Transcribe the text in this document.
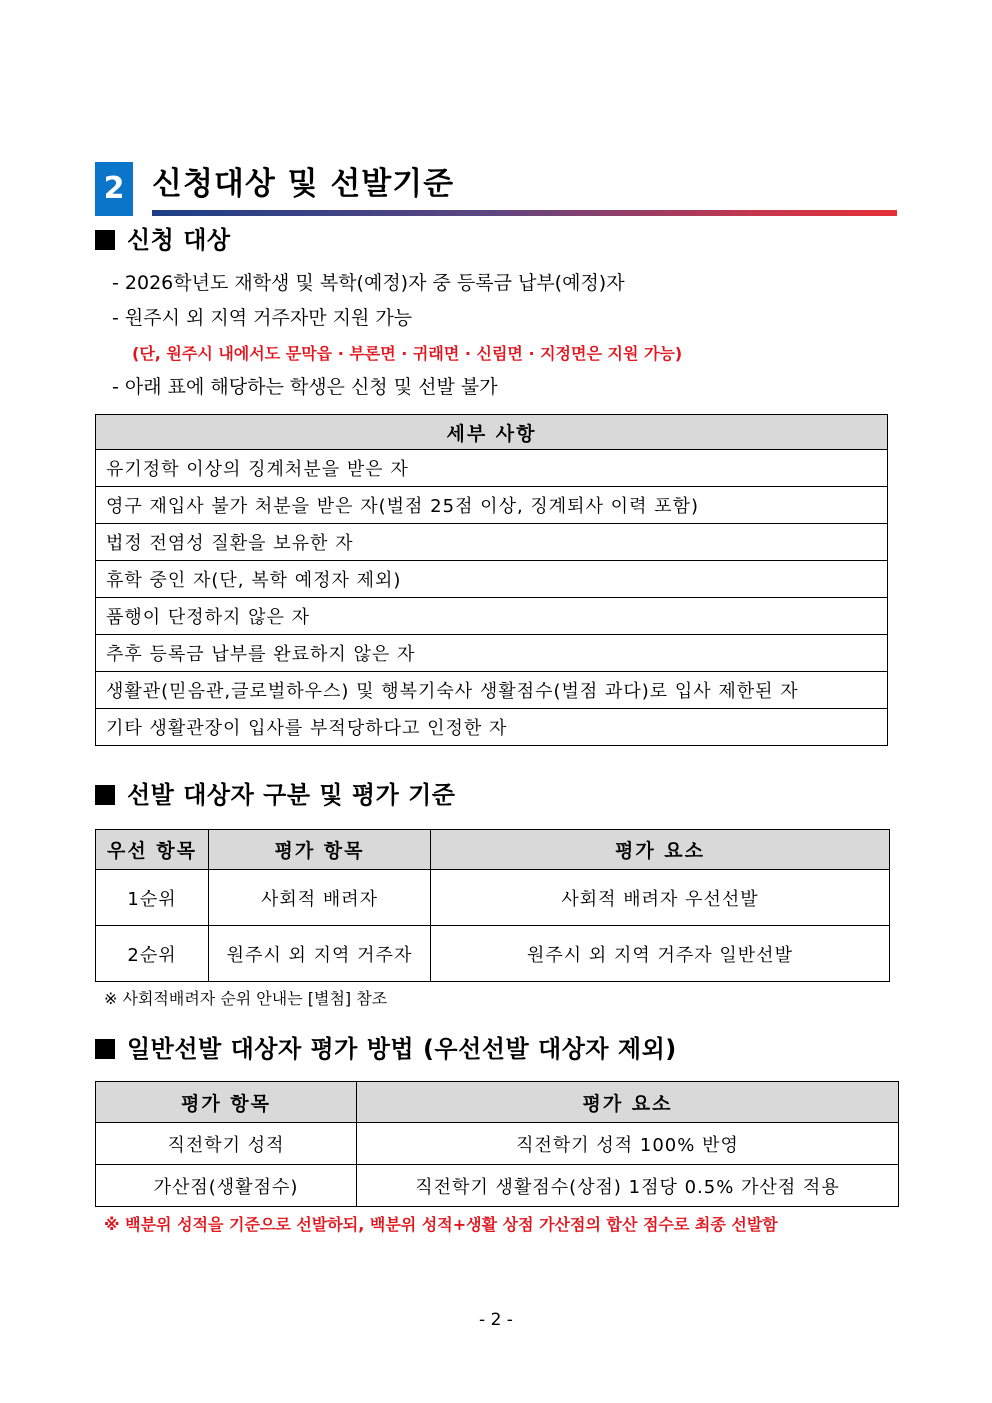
2 신청대상 및 선발기준
신청 대상
- 2026학년도 재학생 및 복학(예정)자 중 등록금 납부(예정)자
- 원주시 외 지역 거주자만 지원 가능
(단, 원주시 내에서도 문막읍 · 부론면 · 귀래면 · 신림면 · 지정면은 지원 가능)
- 아래 표에 해당하는 학생은 신청 및 선발 불가
세부 사항
유기정학 이상의 징계처분을 받은 자
영구 재입사 불가 처분을 받은 자(벌점 25점 이상, 징계퇴사 이력 포함)
법정 전염성 질환을 보유한 자
휴학 중인 자(단, 복학 예정자 제외)
품행이 단정하지 않은 자
추후 등록금 납부를 완료하지 않은 자
생활관(믿음관,글로벌하우스) 및 행복기숙사 생활점수(벌점 과다)로 입사 제한된 자
기타 생활관장이 입사를 부적당하다고 인정한 자
선발 대상자 구분 및 평가 기준
우선 항목	평가 항목	평가 요소
1순위	사회적 배려자	사회적 배려자 우선선발
2순위	원주시 외 지역 거주자	원주시 외 지역 거주자 일반선발
※ 사회적배려자 순위 안내는 [별첨] 참조
일반선발 대상자 평가 방법 (우선선발 대상자 제외)
평가 항목	평가 요소
직전학기 성적	직전학기 성적 100% 반영
가산점(생활점수)	직전학기 생활점수(상점) 1점당 0.5% 가산점 적용
※ 백분위 성적을 기준으로 선발하되, 백분위 성적+생활 상점 가산점의 합산 점수로 최종 선발함
- 2 -
